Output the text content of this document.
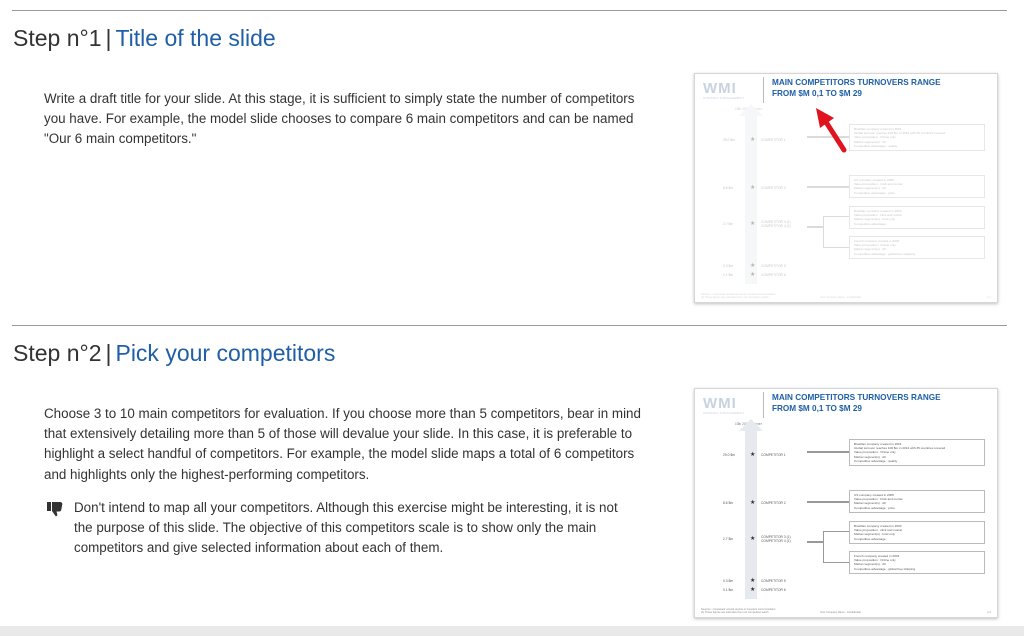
Step n°1 | Title of the slide
Write a draft title for your slide. At this stage, it is sufficient to simply state the number of competitors you have. For example, the model slide chooses to compare 6 main competitors and can be named "Our 6 main competitors."
WMI
STRATEGY & MANAGEMENT
MAIN COMPETITORS TURNOVERS RANGE
FROM $M 0,1 TO $M 29
13th 2013 turnover
29.0 $m	★ COMPETITOR 1
8.6 $m	★ COMPETITOR 2
2.7 $m	★ COMPETITOR 3 (1)
COMPETITOR 4 (1)
0.3 $m	★ COMPETITOR 5
0.1 $m	★ COMPETITOR 6
Brazilian company created in 2001
Global turnover reaches 100 $m in 2012 with 35 countries covered
Value proposition : Online only
Market segment(s) : All
Competitive advantage : quality
US company created in 2005
Value proposition : brick and mortar
Market segment(s) : All
Competitive advantage : price
Brazilian company created in 2003
Value proposition : click and mortar
Market segment(s) : food only
Competitive advantage :
French company created in 2003
Value proposition : Online only
Market segment(s) : All
Competitive advantage : global free shipping
Sources : companies' annual reports or investors communication
(1) These figures are estimates from our competitive watch	Your Company Name - Confidential	p.1
Step n°2 | Pick your competitors
Choose 3 to 10 main competitors for evaluation. If you choose more than 5 competitors, bear in mind that extensively detailing more than 5 of those will devalue your slide. In this case, it is preferable to highlight a select handful of competitors. For example, the model slide maps a total of 6 competitors and highlights only the highest-performing competitors.
Don't intend to map all your competitors. Although this exercise might be interesting, it is not the purpose of this slide. The objective of this competitors scale is to show only the main competitors and give selected information about each of them.
WMI
STRATEGY & MANAGEMENT
MAIN COMPETITORS TURNOVERS RANGE
FROM $M 0,1 TO $M 29
13th 2013 turnover
29.0 $m	★ COMPETITOR 1
8.6 $m	★ COMPETITOR 2
2.7 $m	★ COMPETITOR 3 (1)
COMPETITOR 4 (1)
0.3 $m	★ COMPETITOR 5
0.1 $m	★ COMPETITOR 6
Brazilian company created in 2001
Global turnover reaches 100 $m in 2012 with 35 countries covered
Value proposition : Online only
Market segment(s) : All
Competitive advantage : quality
US company created in 2005
Value proposition : brick and mortar
Market segment(s) : All
Competitive advantage : price
Brazilian company created in 2003
Value proposition : click and mortar
Market segment(s) : food only
Competitive advantage :
French company created in 2003
Value proposition : Online only
Market segment(s) : All
Competitive advantage : global free shipping
Sources : companies' annual reports or investors communication
(1) These figures are estimates from our competitive watch	Your Company Name - Confidential	p.1
